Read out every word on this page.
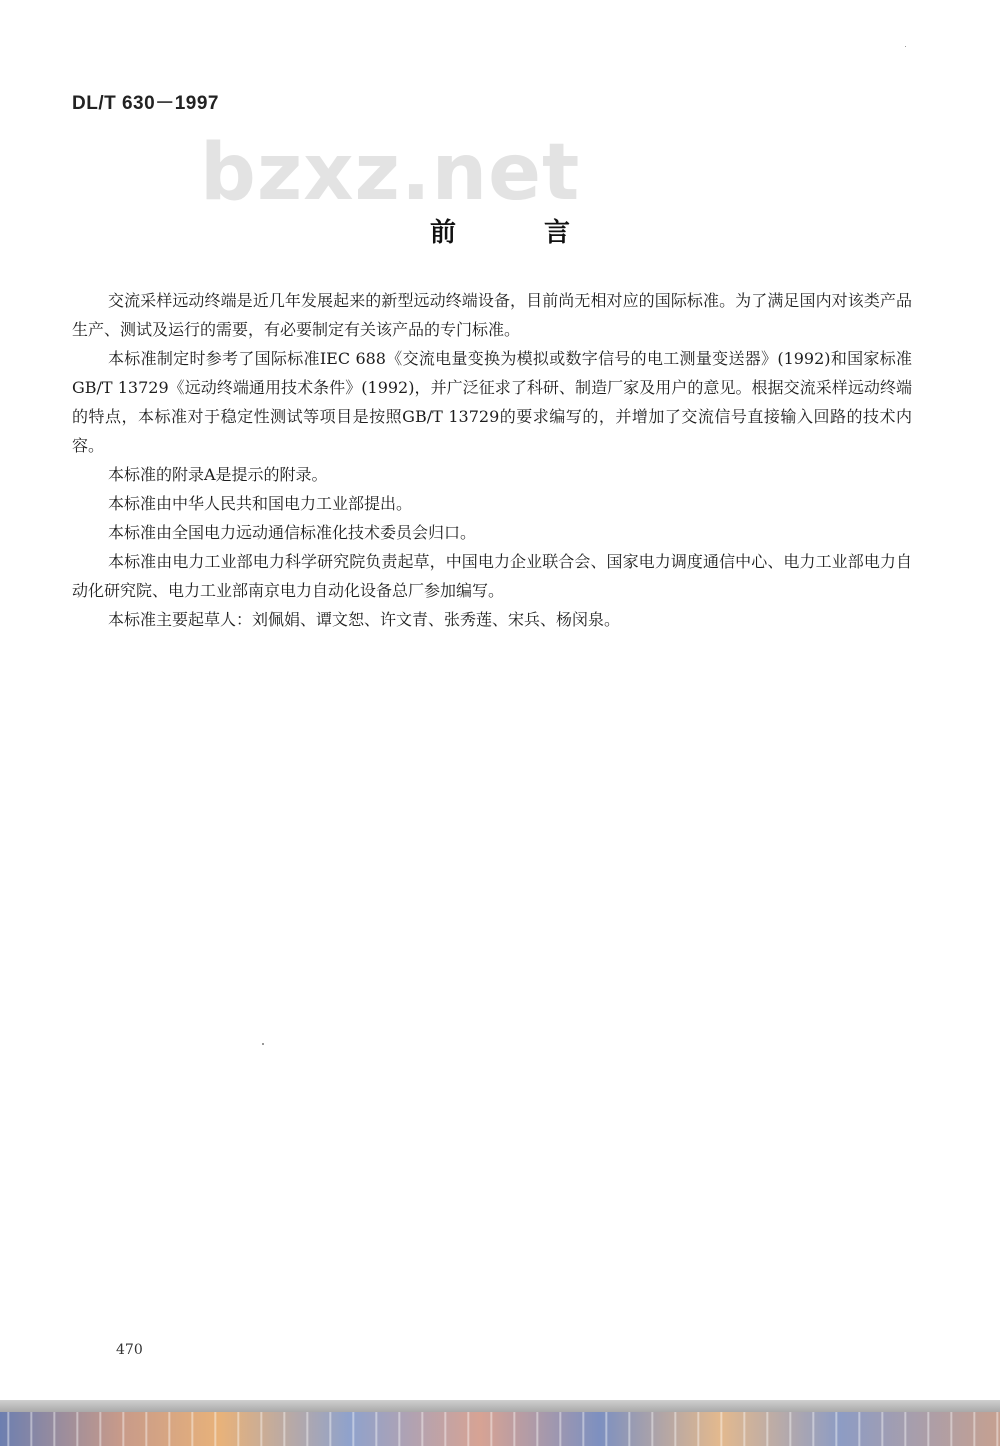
DL/T 630－1997
bzxz.net
前	言

交流采样远动终端是近几年发展起来的新型远动终端设备，目前尚无相对应的国际标准。为了满足国内对该类产品生产、测试及运行的需要，有必要制定有关该产品的专门标准。

本标准制定时参考了国际标准IEC 688《交流电量变换为模拟或数字信号的电工测量变送器》(1992)和国家标准GB/T 13729《远动终端通用技术条件》(1992)，并广泛征求了科研、制造厂家及用户的意见。根据交流采样远动终端的特点，本标准对于稳定性测试等项目是按照GB/T 13729的要求编写的，并增加了交流信号直接输入回路的技术内容。

本标准的附录A是提示的附录。

本标准由中华人民共和国电力工业部提出。

本标准由全国电力远动通信标准化技术委员会归口。

本标准由电力工业部电力科学研究院负责起草，中国电力企业联合会、国家电力调度通信中心、电力工业部电力自动化研究院、电力工业部南京电力自动化设备总厂参加编写。

本标准主要起草人：刘佩娟、谭文恕、许文青、张秀莲、宋兵、杨闵泉。

470
